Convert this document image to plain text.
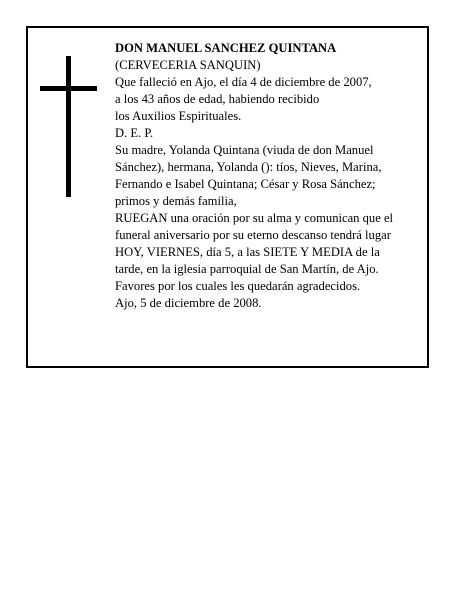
DON MANUEL SANCHEZ QUINTANA
(CERVECERIA SANQUIN)
Que falleció en Ajo, el día 4 de diciembre de 2007,
a los 43 años de edad, habiendo recibido
los Auxilios Espirituales.
D. E. P.
Su madre, Yolanda Quintana (viuda de don Manuel
Sánchez), hermana, Yolanda (): tíos, Nieves, Marina,
Fernando e Isabel Quintana; César y Rosa Sánchez;
primos y demás familia,
RUEGAN una oración por su alma y comunican que el
funeral aniversario por su eterno descanso tendrá lugar
HOY, VIERNES, día 5, a las SIETE Y MEDIA de la
tarde, en la iglesia parroquial de San Martín, de Ajo.
Favores por los cuales les quedarán agradecidos.
Ajo, 5 de diciembre de 2008.
